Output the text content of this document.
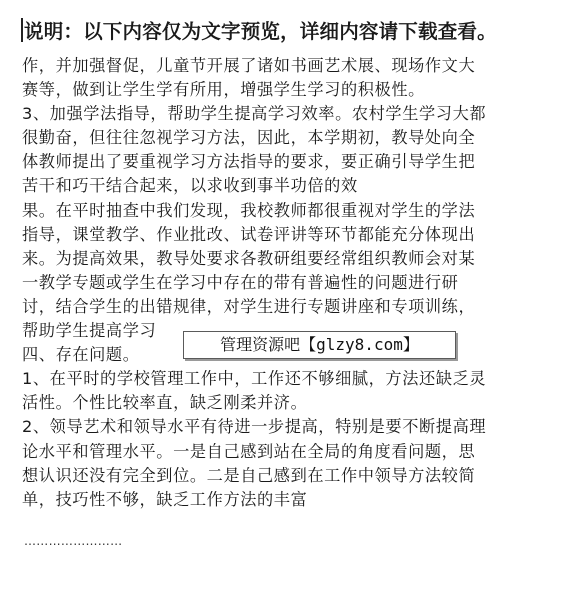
说明：以下内容仅为文字预览，详细内容请下载查看。
作，并加强督促，儿童节开展了诸如书画艺术展、现场作文大
赛等，做到让学生学有所用，增强学生学习的积极性。
3、加强学法指导，帮助学生提高学习效率。农村学生学习大都
很勤奋，但往往忽视学习方法，因此，本学期初，教导处向全
体教师提出了要重视学习方法指导的要求，要正确引导学生把
苦干和巧干结合起来，以求收到事半功倍的效
果。在平时抽查中我们发现，我校教师都很重视对学生的学法
指导，课堂教学、作业批改、试卷评讲等环节都能充分体现出
来。为提高效果，教导处要求各教研组要经常组织教师会对某
一教学专题或学生在学习中存在的带有普遍性的问题进行研
讨，结合学生的出错规律，对学生进行专题讲座和专项训练，
帮助学生提高学习
四、存在问题。
1、在平时的学校管理工作中，工作还不够细腻，方法还缺乏灵
活性。个性比较率直，缺乏刚柔并济。
2、领导艺术和领导水平有待进一步提高，特别是要不断提高理
论水平和管理水平。一是自己感到站在全局的角度看问题，思
想认识还没有完全到位。二是自己感到在工作中领导方法较简
单，技巧性不够，缺乏工作方法的丰富
管理资源吧【glzy8.com】
……………………
